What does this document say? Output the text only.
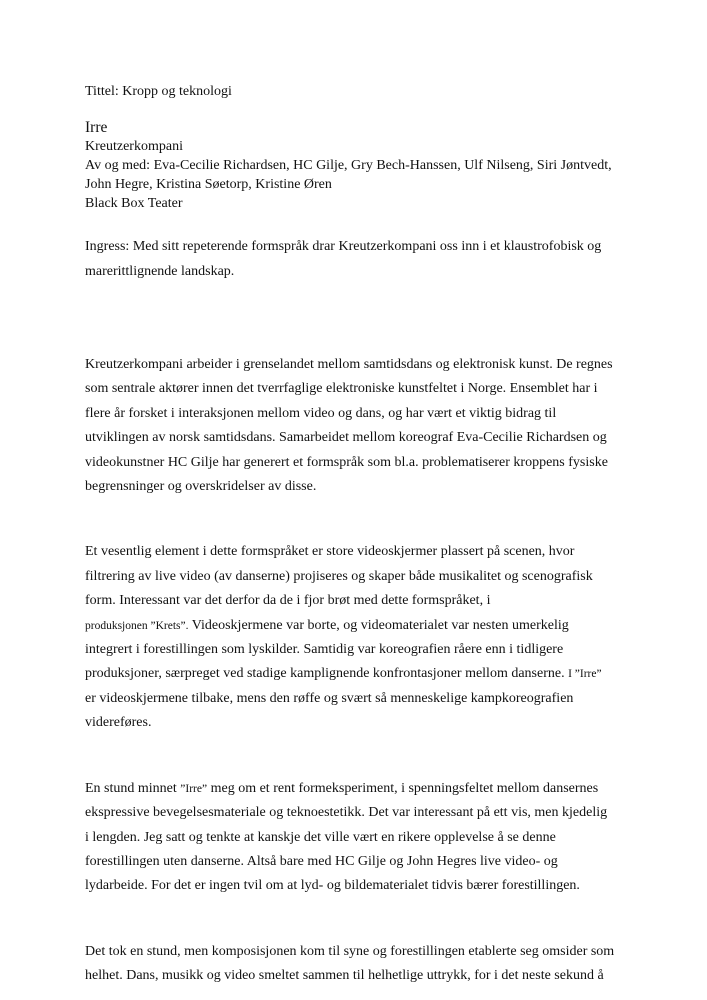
Tittel: Kropp og teknologi
Irre
Kreutzerkompani
Av og med: Eva-Cecilie Richardsen, HC Gilje, Gry Bech-Hanssen, Ulf Nilseng, Siri Jøntvedt,
John Hegre, Kristina Søetorp, Kristine Øren
Black Box Teater
Ingress: Med sitt repeterende formspråk drar Kreutzerkompani oss inn i et klaustrofobisk og
marerittlignende landskap.
Kreutzerkompani arbeider i grenselandet mellom samtidsdans og elektronisk kunst. De regnes
som sentrale aktører innen det tverrfaglige elektroniske kunstfeltet i Norge. Ensemblet har i
flere år forsket i interaksjonen mellom video og dans, og har vært et viktig bidrag til
utviklingen av norsk samtidsdans. Samarbeidet mellom koreograf Eva-Cecilie Richardsen og
videokunstner HC Gilje har generert et formspråk som bl.a. problematiserer kroppens fysiske
begrensninger og overskridelser av disse.
Et vesentlig element i dette formspråket er store videoskjermer plassert på scenen, hvor
filtrering av live video (av danserne) projiseres og skaper både musikalitet og scenografisk
form. Interessant var det derfor da de i fjor brøt med dette formspråket, i
produksjonen ”Krets”. Videoskjermene var borte, og videomaterialet var nesten umerkelig
integrert i forestillingen som lyskilder. Samtidig var koreografien råere enn i tidligere
produksjoner, særpreget ved stadige kamplignende konfrontasjoner mellom danserne. I ”Irre”
er videoskjermene tilbake, mens den røffe og svært så menneskelige kampkoreografien
videreføres.
En stund minnet ”Irre” meg om et rent formeksperiment, i spenningsfeltet mellom dansernes
ekspressive bevegelsesmateriale og teknoestetikk. Det var interessant på ett vis, men kjedelig
i lengden. Jeg satt og tenkte at kanskje det ville vært en rikere opplevelse å se denne
forestillingen uten danserne. Altså bare med HC Gilje og John Hegres live video- og
lydarbeide. For det er ingen tvil om at lyd- og bildematerialet tidvis bærer forestillingen.
Det tok en stund, men komposisjonen kom til syne og forestillingen etablerte seg omsider som
helhet. Dans, musikk og video smeltet sammen til helhetlige uttrykk, for i det neste sekund å
